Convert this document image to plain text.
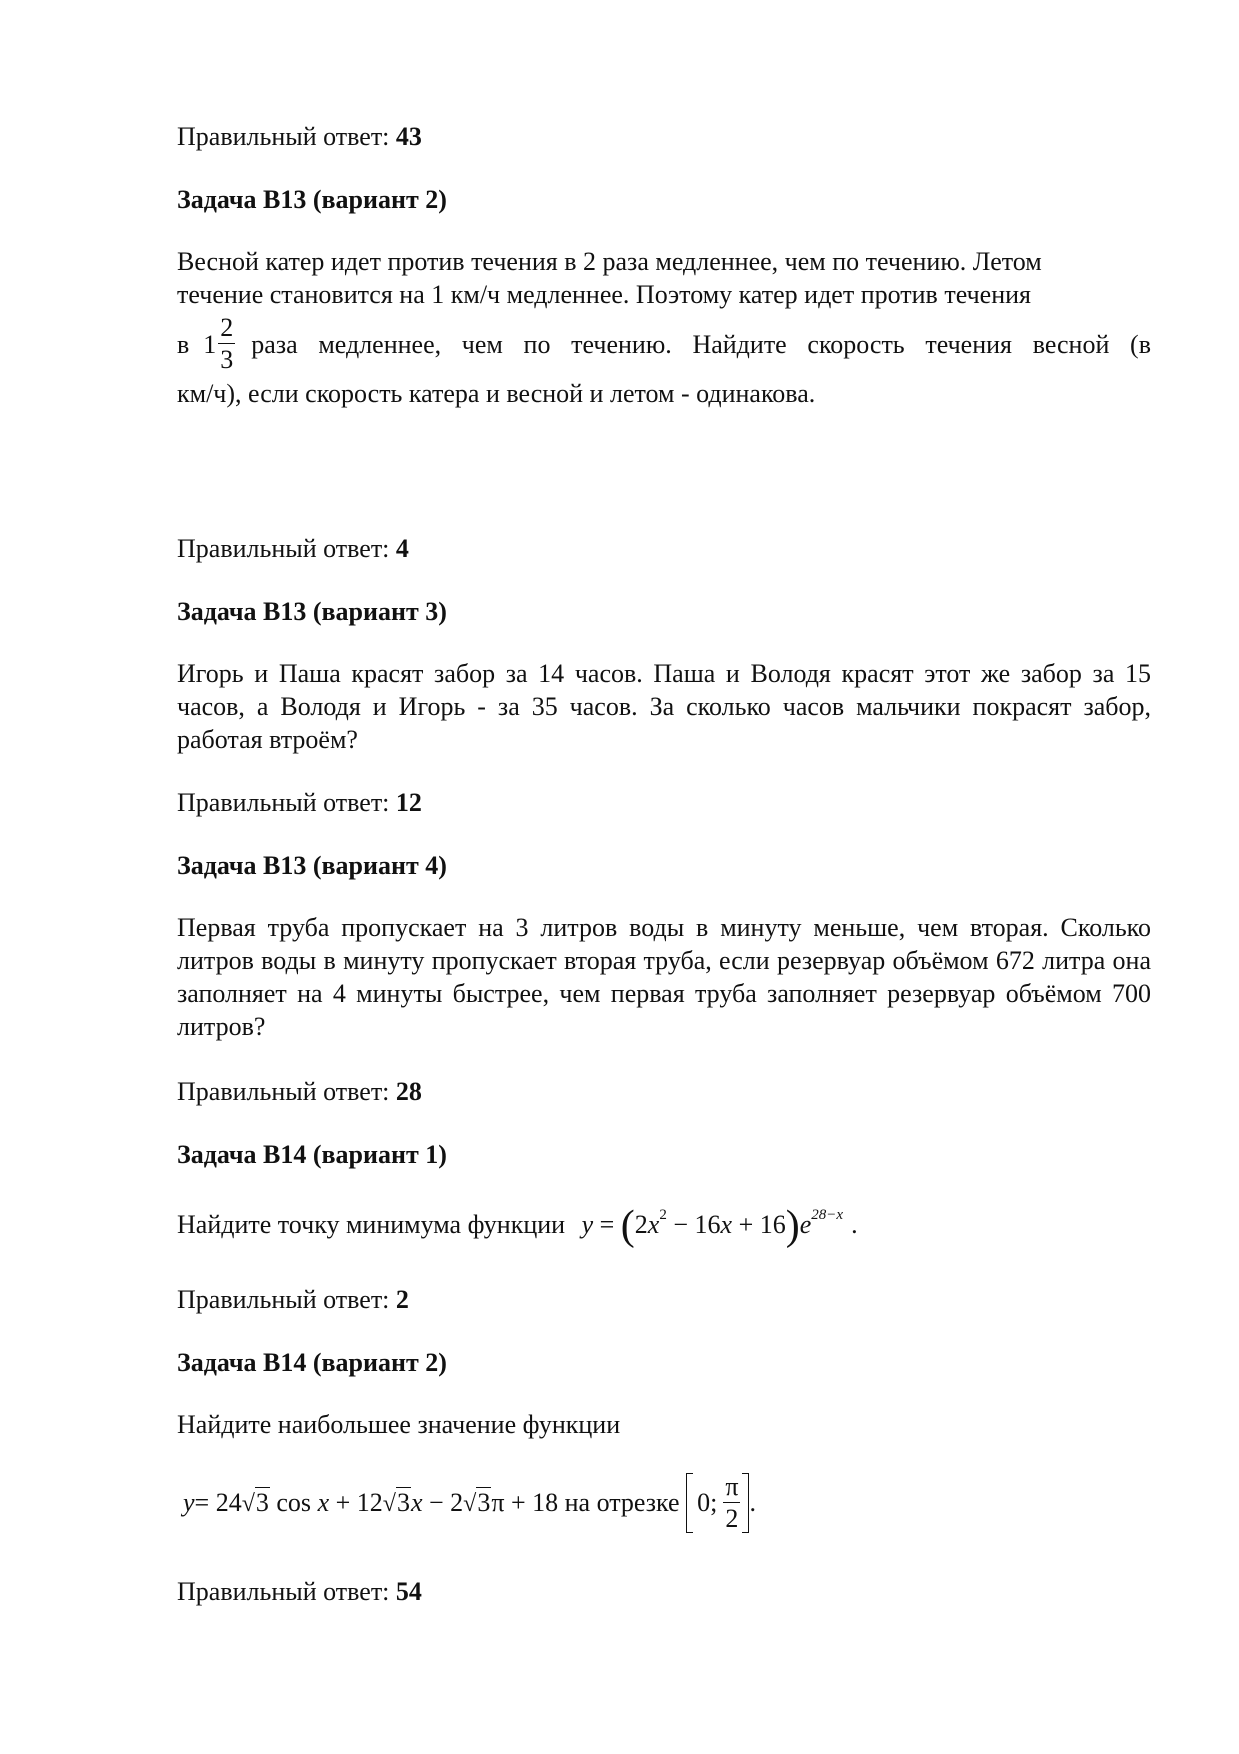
Правильный ответ: 43

Задача В13 (вариант 2)

Весной катер идет против течения в 2 раза медленнее, чем по течению. Летом
течение становится на 1 км/ч медленнее. Поэтому катер идет против течения
в $1 \frac{2}{3}$ раза медленнее, чем по течению. Найдите скорость течения весной (в
км/ч), если скорость катера и весной и летом - одинакова.

Правильный ответ: 4

Задача В13 (вариант 3)

Игорь и Паша красят забор за 14 часов. Паша и Володя красят этот же забор за 15 часов, а Володя и Игорь - за 35 часов. За сколько часов мальчики покрасят забор, работая втроём?

Правильный ответ: 12

Задача В13 (вариант 4)

Первая труба пропускает на 3 литров воды в минуту меньше, чем вторая. Сколько литров воды в минуту пропускает вторая труба, если резервуар объёмом 672 литра она заполняет на 4 минуты быстрее, чем первая труба заполняет резервуар объёмом 700 литров?

Правильный ответ: 28

Задача В14 (вариант 1)

Найдите точку минимума функции $y = (2x^2 - 16x + 16)e^{28-x}$ .

Правильный ответ: 2

Задача В14 (вариант 2)

Найдите наибольшее значение функции

y = 24 √3 cos x + 12 √3 x − 2 √3 π + 18 на отрезке 0; $\frac{\pi}{2}$ .

Правильный ответ: 54
